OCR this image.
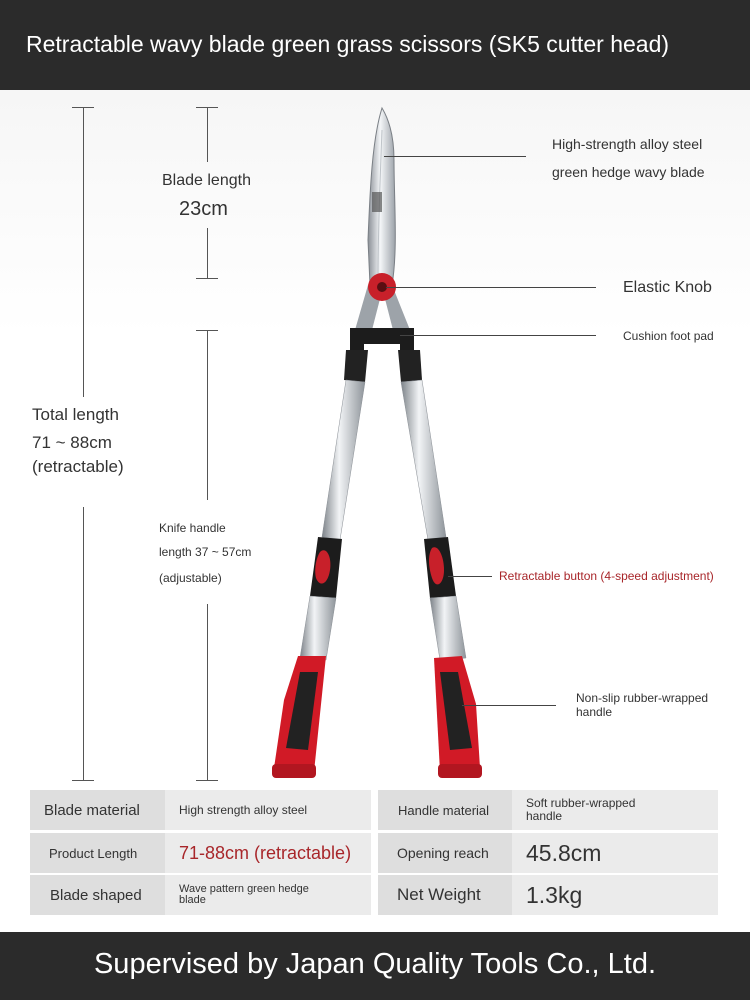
Retractable wavy blade green grass scissors (SK5 cutter head)
Total length
71 ~ 88cm
(retractable)
Blade length
23cm
Knife handle
length 37 ~ 57cm
(adjustable)
High-strength alloy steel
green hedge wavy blade
Elastic Knob
Cushion foot pad
Retractable button (4-speed adjustment)
Non-slip rubber-wrapped
handle
Blade material	High strength alloy steel	Handle material	Soft rubber-wrapped handle
Product Length	71-88cm (retractable)	Opening reach	45.8cm
Blade shaped	Wave pattern green hedge blade	Net Weight	1.3kg
Supervised by Japan Quality Tools Co., Ltd.
